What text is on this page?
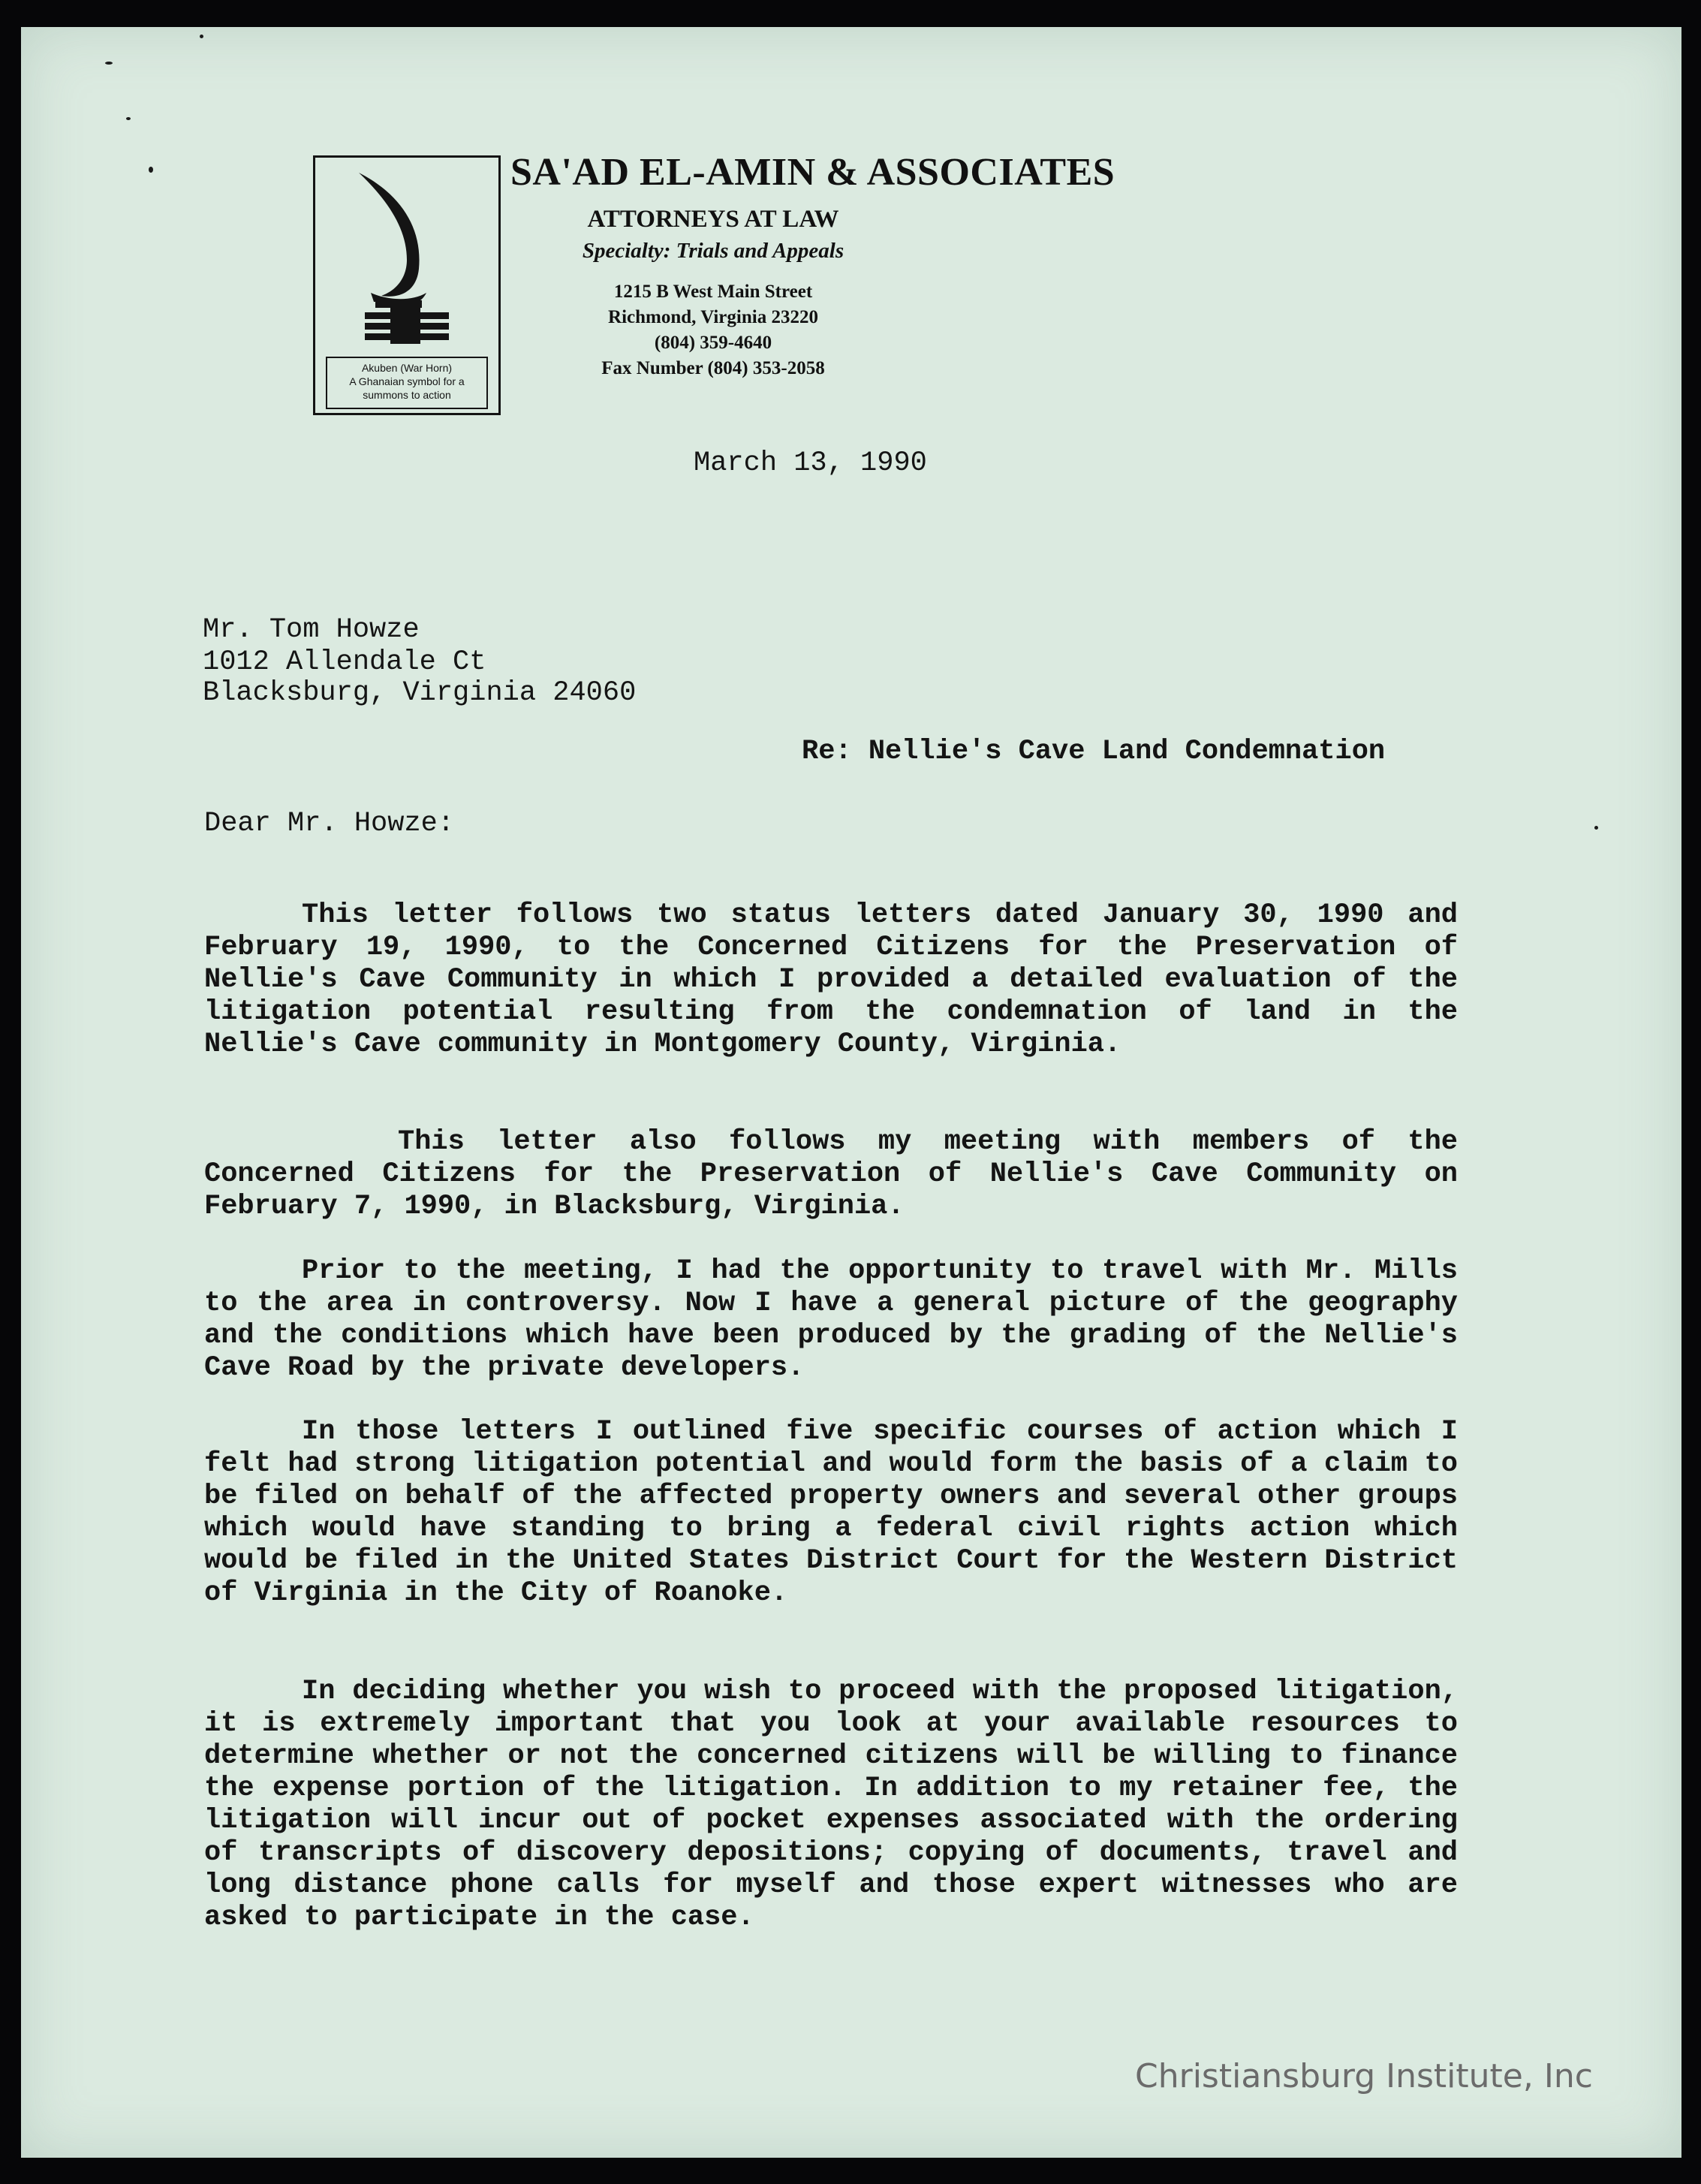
Akuben (War Horn)
A Ghanaian symbol for a
summons to action
SA'AD EL-AMIN & ASSOCIATES
ATTORNEYS AT LAW
Specialty: Trials and Appeals
1215 B West Main Street
Richmond, Virginia 23220
(804) 359-4640
Fax Number (804) 353-2058
March 13, 1990
Mr. Tom Howze
1012 Allendale Ct
Blacksburg, Virginia 24060
Re: Nellie's Cave Land Condemnation
Dear Mr. Howze:
This letter follows two status letters dated January 30, 1990 and February 19, 1990, to the Concerned Citizens for the Preservation of Nellie's Cave Community in which I provided a detailed evaluation of the litigation potential resulting from the condemnation of land in the Nellie's Cave community in Montgomery County, Virginia.
This letter also follows my meeting with members of the Concerned Citizens for the Preservation of Nellie's Cave Community on February 7, 1990, in Blacksburg, Virginia.
Prior to the meeting, I had the opportunity to travel with Mr. Mills to the area in controversy. Now I have a general picture of the geography and the conditions which have been produced by the grading of the Nellie's Cave Road by the private developers.
In those letters I outlined five specific courses of action which I felt had strong litigation potential and would form the basis of a claim to be filed on behalf of the affected property owners and several other groups which would have standing to bring a federal civil rights action which would be filed in the United States District Court for the Western District of Virginia in the City of Roanoke.
In deciding whether you wish to proceed with the proposed litigation, it is extremely important that you look at your available resources to determine whether or not the concerned citizens will be willing to finance the expense portion of the litigation. In addition to my retainer fee, the litigation will incur out of pocket expenses associated with the ordering of transcripts of discovery depositions; copying of documents, travel and long distance phone calls for myself and those expert witnesses who are asked to participate in the case.
Christiansburg Institute, Inc
